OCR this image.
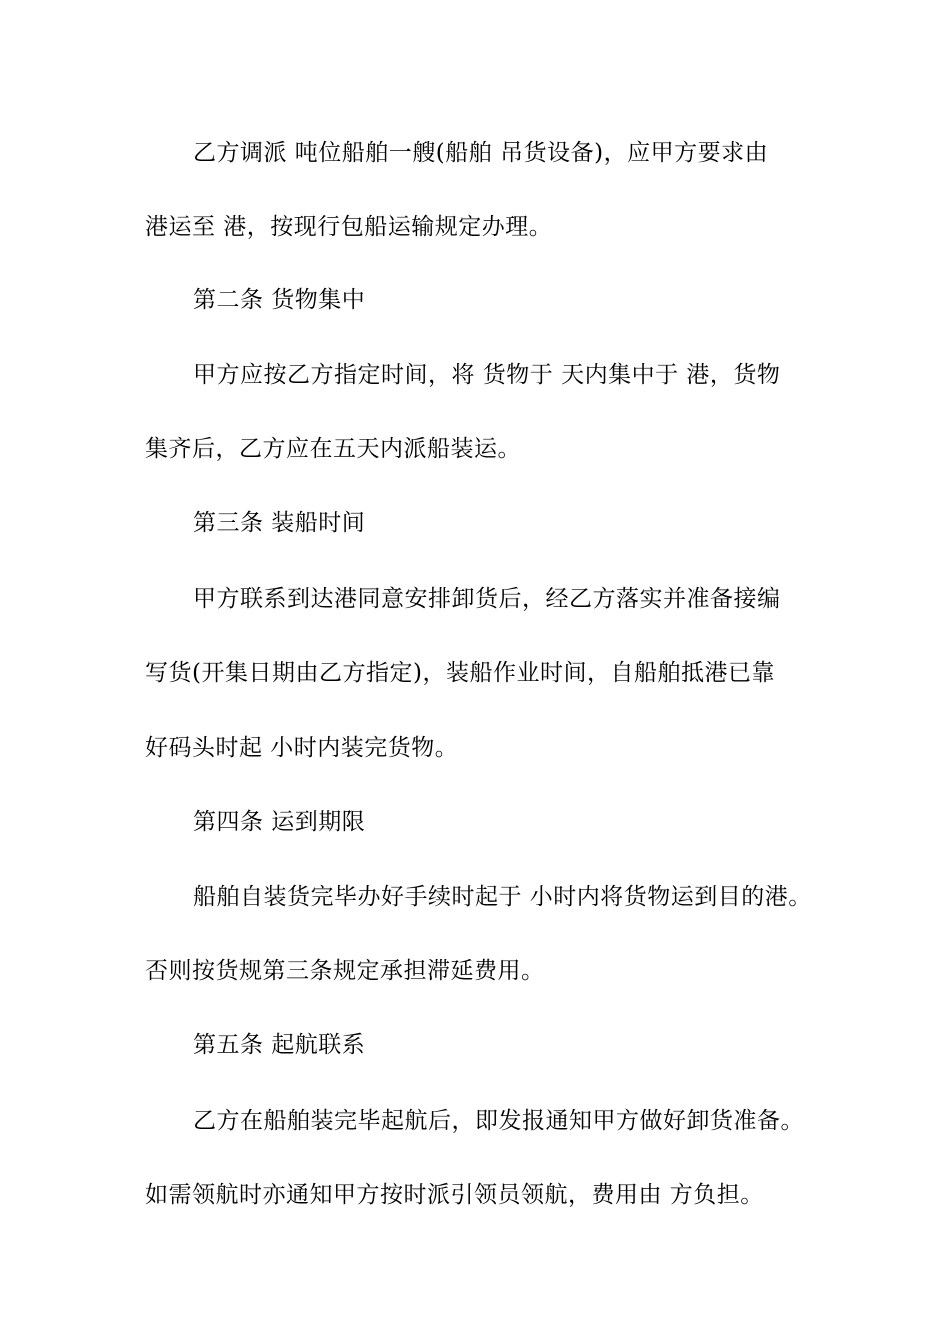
乙方调派 吨位船舶一艘(船舶 吊货设备)，应甲方要求由
港运至 港，按现行包船运输规定办理。
第二条 货物集中
甲方应按乙方指定时间，将 货物于 天内集中于 港，货物
集齐后，乙方应在五天内派船装运。
第三条 装船时间
甲方联系到达港同意安排卸货后，经乙方落实并准备接编
写货(开集日期由乙方指定)，装船作业时间，自船舶抵港已靠
好码头时起 小时内装完货物。
第四条 运到期限
船舶自装货完毕办好手续时起于 小时内将货物运到目的港。
否则按货规第三条规定承担滞延费用。
第五条 起航联系
乙方在船舶装完毕起航后，即发报通知甲方做好卸货准备。
如需领航时亦通知甲方按时派引领员领航，费用由 方负担。
